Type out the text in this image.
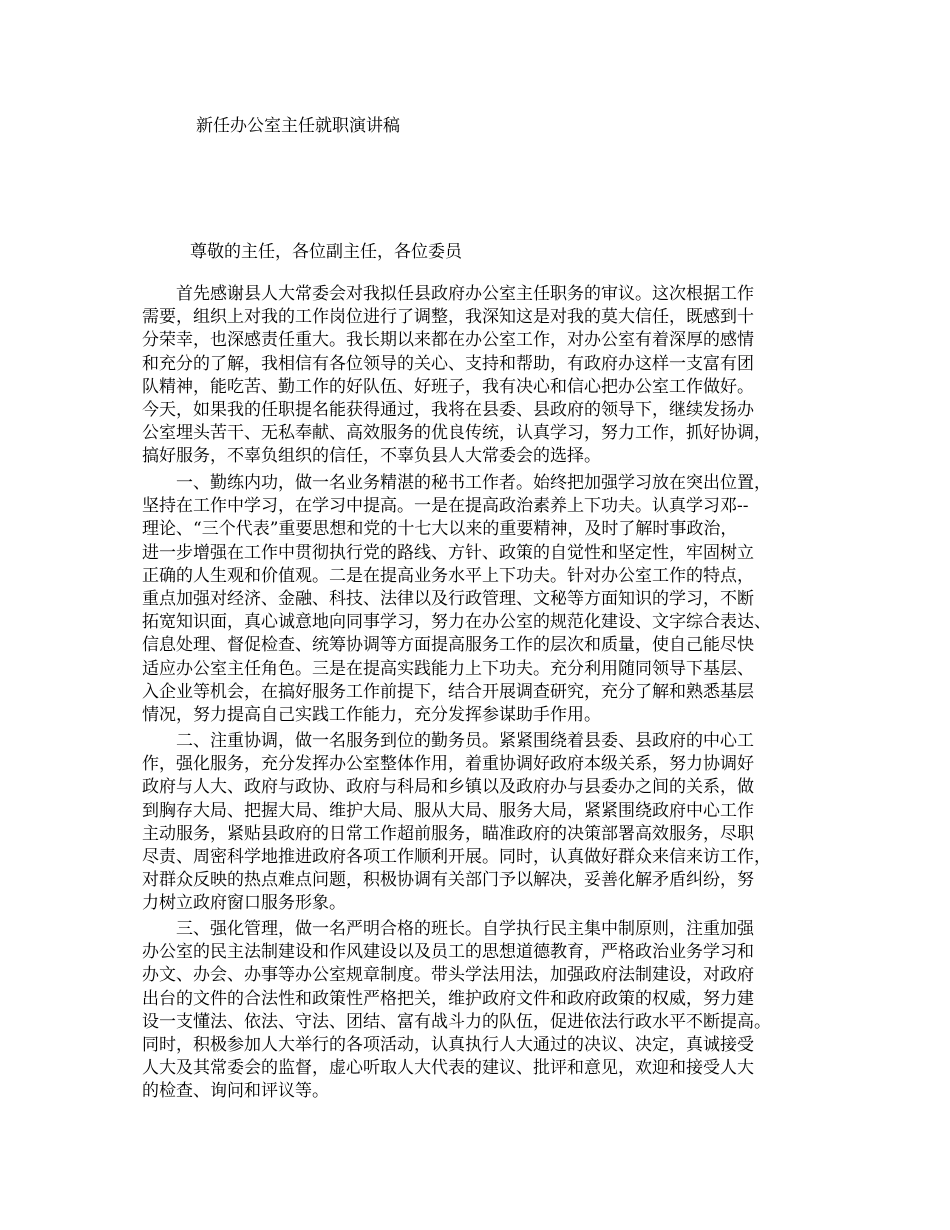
新任办公室主任就职演讲稿
尊敬的主任，各位副主任，各位委员
首先感谢县人大常委会对我拟任县政府办公室主任职务的审议。这次根据工作
需要，组织上对我的工作岗位进行了调整，我深知这是对我的莫大信任，既感到十
分荣幸，也深感责任重大。我长期以来都在办公室工作，对办公室有着深厚的感情
和充分的了解，我相信有各位领导的关心、支持和帮助，有政府办这样一支富有团
队精神，能吃苦、勤工作的好队伍、好班子，我有决心和信心把办公室工作做好。
今天，如果我的任职提名能获得通过，我将在县委、县政府的领导下，继续发扬办
公室埋头苦干、无私奉献、高效服务的优良传统，认真学习，努力工作，抓好协调，
搞好服务，不辜负组织的信任，不辜负县人大常委会的选择。
一、勤练内功，做一名业务精湛的秘书工作者。始终把加强学习放在突出位置，
坚持在工作中学习，在学习中提高。一是在提高政治素养上下功夫。认真学习邓--
理论、“三个代表”重要思想和党的十七大以来的重要精神，及时了解时事政治，
进一步增强在工作中贯彻执行党的路线、方针、政策的自觉性和坚定性，牢固树立
正确的人生观和价值观。二是在提高业务水平上下功夫。针对办公室工作的特点，
重点加强对经济、金融、科技、法律以及行政管理、文秘等方面知识的学习，不断
拓宽知识面，真心诚意地向同事学习，努力在办公室的规范化建设、文字综合表达、
信息处理、督促检查、统筹协调等方面提高服务工作的层次和质量，使自己能尽快
适应办公室主任角色。三是在提高实践能力上下功夫。充分利用随同领导下基层、
入企业等机会，在搞好服务工作前提下，结合开展调查研究，充分了解和熟悉基层
情况，努力提高自己实践工作能力，充分发挥参谋助手作用。
二、注重协调，做一名服务到位的勤务员。紧紧围绕着县委、县政府的中心工
作，强化服务，充分发挥办公室整体作用，着重协调好政府本级关系，努力协调好
政府与人大、政府与政协、政府与科局和乡镇以及政府办与县委办之间的关系，做
到胸存大局、把握大局、维护大局、服从大局、服务大局，紧紧围绕政府中心工作
主动服务，紧贴县政府的日常工作超前服务，瞄准政府的决策部署高效服务，尽职
尽责、周密科学地推进政府各项工作顺利开展。同时，认真做好群众来信来访工作，
对群众反映的热点难点问题，积极协调有关部门予以解决，妥善化解矛盾纠纷，努
力树立政府窗口服务形象。
三、强化管理，做一名严明合格的班长。自学执行民主集中制原则，注重加强
办公室的民主法制建设和作风建设以及员工的思想道德教育，严格政治业务学习和
办文、办会、办事等办公室规章制度。带头学法用法，加强政府法制建设，对政府
出台的文件的合法性和政策性严格把关，维护政府文件和政府政策的权威，努力建
设一支懂法、依法、守法、团结、富有战斗力的队伍，促进依法行政水平不断提高。
同时，积极参加人大举行的各项活动，认真执行人大通过的决议、决定，真诚接受
人大及其常委会的监督，虚心听取人大代表的建议、批评和意见，欢迎和接受人大
的检查、询问和评议等。
